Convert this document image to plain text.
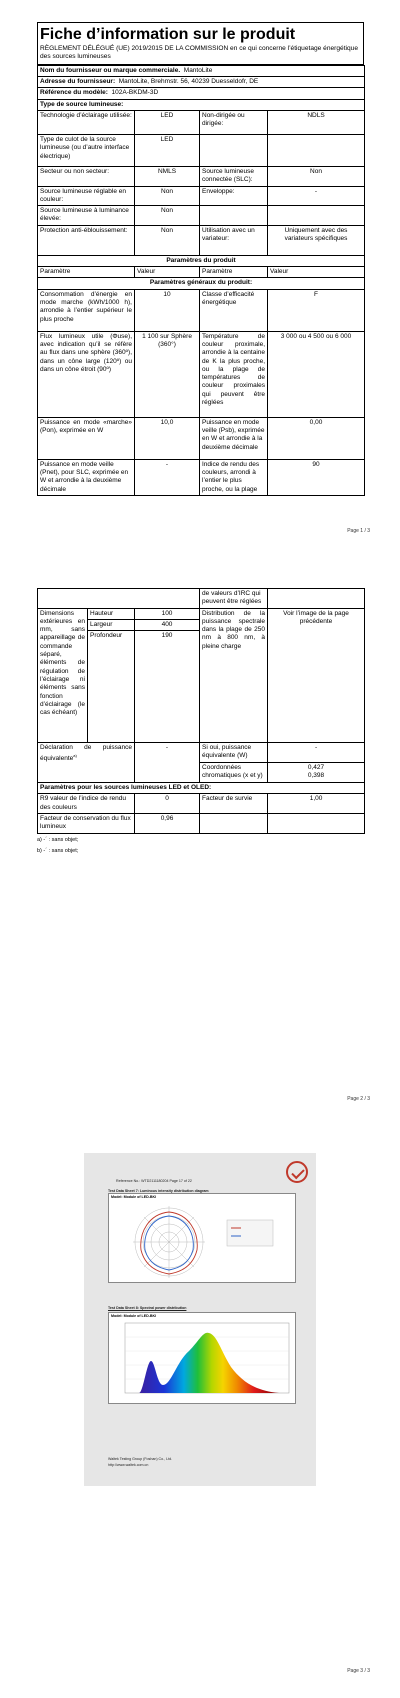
Fiche d’information sur le produit
RÈGLEMENT DÉLÉGUÉ (UE) 2019/2015 DE LA COMMISSION en ce qui concerne l’étiquetage énergétique des sources lumineuses
Nom du fournisseur ou marque commerciale. MantoLite			
Adresse du fournisseur: MantoLite, Brehmstr. 56, 40239 Duesseldofr, DE			
Référence du modèle: 102A-BKDM-3D			
Type de source lumineuse:			
Technologie d’éclairage utilisée:	LED	Non-dirigée ou dirigée:	NDLS
Type de culot de la source lumineuse (ou d’autre interface électrique)	LED		
Secteur ou non secteur:	NMLS	Source lumineuse connectée (SLC):	Non
Source lumineuse réglable en couleur:	Non	Enveloppe:	-
Source lumineuse à luminance élevée:	Non		
Protection anti-éblouissement:	Non	Utilisation avec un variateur:	Uniquement avec des variateurs spécifiques
Paramètres du produit			
Paramètre	Valeur	Paramètre	Valeur
Paramètres généraux du produit:			
Consommation d’énergie en mode marche (kWh/1000 h), arrondie à l’entier supérieur le plus proche	10	Classe d’efficacité énergétique	F
Flux lumineux utile (Φuse), avec indication qu’il se réfère au flux dans une sphère (360º), dans un cône large (120º) ou dans un cône étroit (90º)	1 100 sur Sphère (360°)	Température de couleur proximale, arrondie à la centaine de K la plus proche, ou la plage de températures de couleur proximales qui peuvent être réglées	3 000 ou 4 500 ou 6 000
Puissance en mode «marche» (Pon), exprimée en W	10,0	Puissance en mode veille (Psb), exprimée en W et arrondie à la deuxième décimale	0,00
Puissance en mode veille (Pnet), pour SLC, exprimée en W et arrondie à la deuxième décimale	-	Indice de rendu des couleurs, arrondi à l’entier le plus proche, ou la plage	90
Page 1 / 3
			de valeurs d’IRC qui peuvent être réglées	
Dimensions extérieures en mm, sans appareillage de commande séparé, éléments de régulation de l’éclairage ni éléments sans fonction d’éclairage (le cas échéant)	Hauteur	100	Distribution de la puissance spectrale dans la plage de 250 nm à 800 nm, à pleine charge	Voir l’image de la page précédente
	Largeur	400		
	Profondeur	190		
Déclaration de puissance équivalente$^{a)}$		-	Si oui, puissance équivalente (W)	-
			Coordonnées chromatiques (x et y)	0,427
0,398
Paramètres pour les sources lumineuses LED et OLED:				
R9 valeur de l’indice de rendu des couleurs		0	Facteur de survie	1,00
Facteur de conservation du flux lumineux		0,96		
a) -´ : sans objet;
b) -´ : sans objet;
Page 2 / 3
Reference No.: WTD2111180204 Page 17 of 22
Test Data Sheet 7: Luminous intensity distribution diagram
Model: Module of LED-BKI
Test Data Sheet 8: Spectral power distribution
Model: Module of LED-BKI
Waltek Testing Group (Foshan) Co., Ltd.
http://www.waltek.com.cn
Page 3 / 3
